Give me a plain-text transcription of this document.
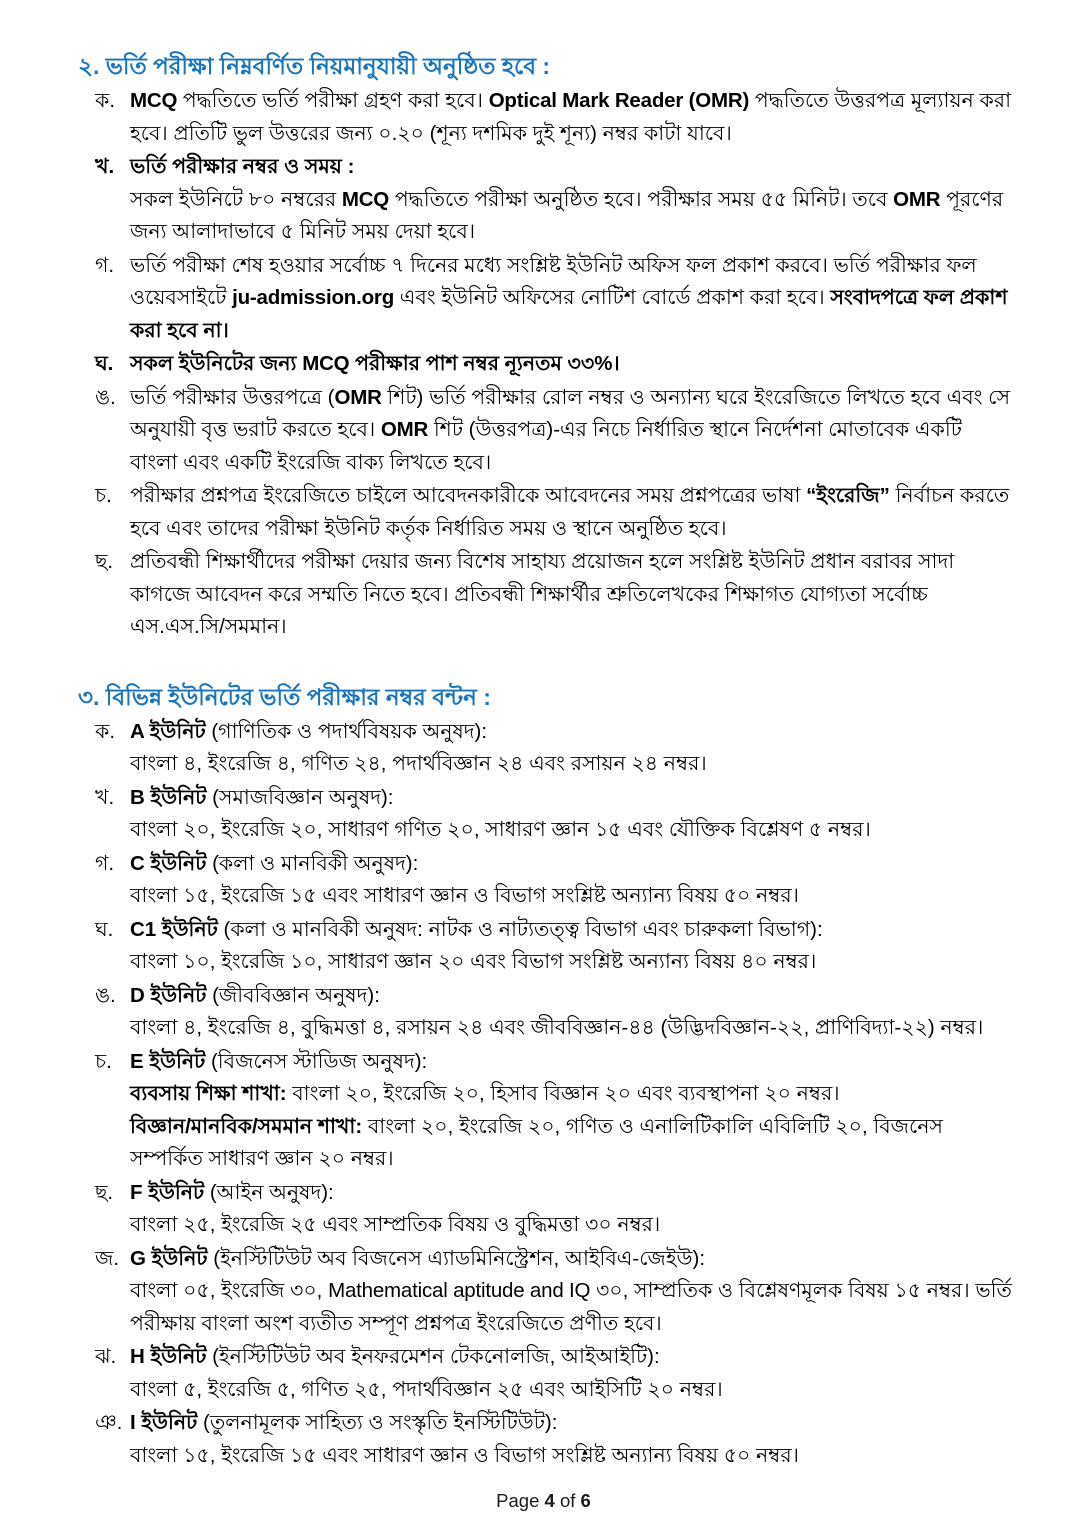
২. ভর্তি পরীক্ষা নিম্নবর্ণিত নিয়মানুযায়ী অনুষ্ঠিত হবে :
ক. MCQ পদ্ধতিতে ভর্তি পরীক্ষা গ্রহণ করা হবে। Optical Mark Reader (OMR) পদ্ধতিতে উত্তরপত্র মূল্যায়ন করা হবে। প্রতিটি ভুল উত্তরের জন্য ০.২০ (শূন্য দশমিক দুই শূন্য) নম্বর কাটা যাবে।
খ. ভর্তি পরীক্ষার নম্বর ও সময় :
সকল ইউনিটে ৮০ নম্বরের MCQ পদ্ধতিতে পরীক্ষা অনুষ্ঠিত হবে। পরীক্ষার সময় ৫৫ মিনিট। তবে OMR পূরণের জন্য আলাদাভাবে ৫ মিনিট সময় দেয়া হবে।
গ. ভর্তি পরীক্ষা শেষ হওয়ার সর্বোচ্চ ৭ দিনের মধ্যে সংশ্লিষ্ট ইউনিট অফিস ফল প্রকাশ করবে। ভর্তি পরীক্ষার ফল ওয়েবসাইটে ju-admission.org এবং ইউনিট অফিসের নোটিশ বোর্ডে প্রকাশ করা হবে। সংবাদপত্রে ফল প্রকাশ করা হবে না।
ঘ. সকল ইউনিটের জন্য MCQ পরীক্ষার পাশ নম্বর ন্যূনতম ৩৩%।
ঙ. ভর্তি পরীক্ষার উত্তরপত্রে (OMR শিট) ভর্তি পরীক্ষার রোল নম্বর ও অন্যান্য ঘরে ইংরেজিতে লিখতে হবে এবং সে অনুযায়ী বৃত্ত ভরাট করতে হবে। OMR শিট (উত্তরপত্র)-এর নিচে নির্ধারিত স্থানে নির্দেশনা মোতাবেক একটি বাংলা এবং একটি ইংরেজি বাক্য লিখতে হবে।
চ. পরীক্ষার প্রশ্নপত্র ইংরেজিতে চাইলে আবেদনকারীকে আবেদনের সময় প্রশ্নপত্রের ভাষা “ইংরেজি” নির্বাচন করতে হবে এবং তাদের পরীক্ষা ইউনিট কর্তৃক নির্ধারিত সময় ও স্থানে অনুষ্ঠিত হবে।
ছ. প্রতিবন্ধী শিক্ষার্থীদের পরীক্ষা দেয়ার জন্য বিশেষ সাহায্য প্রয়োজন হলে সংশ্লিষ্ট ইউনিট প্রধান বরাবর সাদা কাগজে আবেদন করে সম্মতি নিতে হবে। প্রতিবন্ধী শিক্ষার্থীর শ্রুতিলেখকের শিক্ষাগত যোগ্যতা সর্বোচ্চ এস.এস.সি/সমমান।
৩. বিভিন্ন ইউনিটের ভর্তি পরীক্ষার নম্বর বন্টন :
ক. A ইউনিট (গাণিতিক ও পদার্থবিষয়ক অনুষদ):
বাংলা ৪, ইংরেজি ৪, গণিত ২৪, পদার্থবিজ্ঞান ২৪ এবং রসায়ন ২৪ নম্বর।
খ. B ইউনিট (সমাজবিজ্ঞান অনুষদ):
বাংলা ২০, ইংরেজি ২০, সাধারণ গণিত ২০, সাধারণ জ্ঞান ১৫ এবং যৌক্তিক বিশ্লেষণ ৫ নম্বর।
গ. C ইউনিট (কলা ও মানবিকী অনুষদ):
বাংলা ১৫, ইংরেজি ১৫ এবং সাধারণ জ্ঞান ও বিভাগ সংশ্লিষ্ট অন্যান্য বিষয় ৫০ নম্বর।
ঘ. C1 ইউনিট (কলা ও মানবিকী অনুষদ: নাটক ও নাট্যতত্ত্ব বিভাগ এবং চারুকলা বিভাগ):
বাংলা ১০, ইংরেজি ১০, সাধারণ জ্ঞান ২০ এবং বিভাগ সংশ্লিষ্ট অন্যান্য বিষয় ৪০ নম্বর।
ঙ. D ইউনিট (জীববিজ্ঞান অনুষদ):
বাংলা ৪, ইংরেজি ৪, বুদ্ধিমত্তা ৪, রসায়ন ২৪ এবং জীববিজ্ঞান-৪৪ (উদ্ভিদবিজ্ঞান-২২, প্রাণিবিদ্যা-২২) নম্বর।
চ. E ইউনিট (বিজনেস স্টাডিজ অনুষদ):
ব্যবসায় শিক্ষা শাখা: বাংলা ২০, ইংরেজি ২০, হিসাব বিজ্ঞান ২০ এবং ব্যবস্থাপনা ২০ নম্বর।
বিজ্ঞান/মানবিক/সমমান শাখা: বাংলা ২০, ইংরেজি ২০, গণিত ও এনালিটিকালি এবিলিটি ২০, বিজনেস সম্পর্কিত সাধারণ জ্ঞান ২০ নম্বর।
ছ. F ইউনিট (আইন অনুষদ):
বাংলা ২৫, ইংরেজি ২৫ এবং সাম্প্রতিক বিষয় ও বুদ্ধিমত্তা ৩০ নম্বর।
জ. G ইউনিট (ইনস্টিটিউট অব বিজনেস এ্যাডমিনিস্ট্রেশন, আইবিএ-জেইউ):
বাংলা ০৫, ইংরেজি ৩০, Mathematical aptitude and IQ ৩০, সাম্প্রতিক ও বিশ্লেষণমূলক বিষয় ১৫ নম্বর। ভর্তি পরীক্ষায় বাংলা অংশ ব্যতীত সম্পূণ প্রশ্নপত্র ইংরেজিতে প্রণীত হবে।
ঝ. H ইউনিট (ইনস্টিটিউট অব ইনফরমেশন টেকনোলজি, আইআইটি):
বাংলা ৫, ইংরেজি ৫, গণিত ২৫, পদার্থবিজ্ঞান ২৫ এবং আইসিটি ২০ নম্বর।
ঞ. I ইউনিট (তুলনামূলক সাহিত্য ও সংস্কৃতি ইনস্টিটিউট):
বাংলা ১৫, ইংরেজি ১৫ এবং সাধারণ জ্ঞান ও বিভাগ সংশ্লিষ্ট অন্যান্য বিষয় ৫০ নম্বর।
Page 4 of 6
